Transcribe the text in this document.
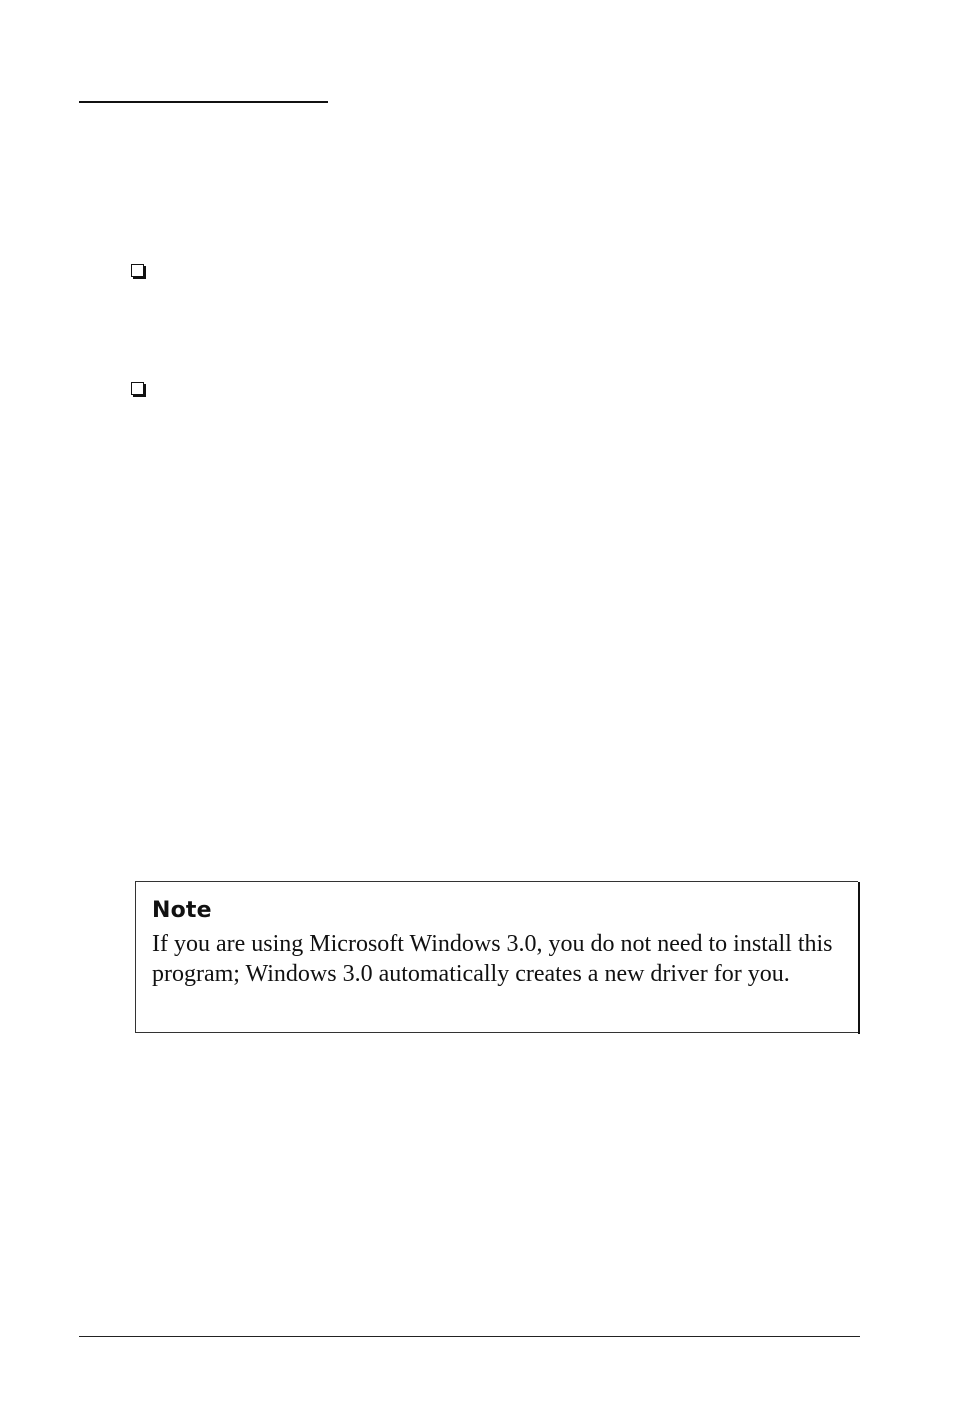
Note

If you are using Microsoft Windows 3.0, you do not need to install this program; Windows 3.0 automatically creates a new driver for you.
